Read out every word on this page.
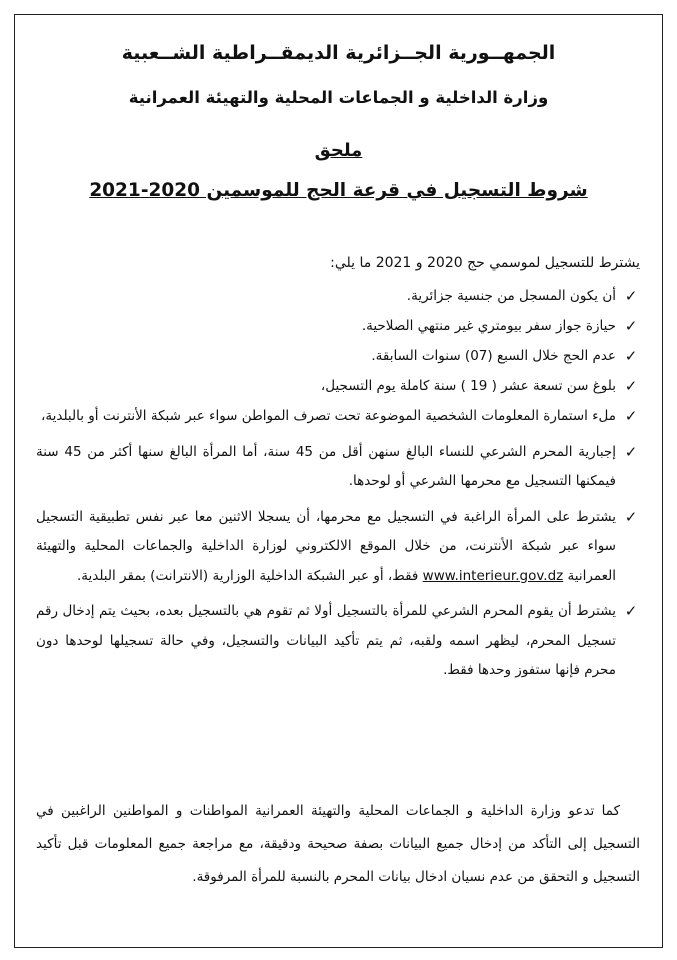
الجمهــورية الجــزائرية الديمقــراطية الشــعبية
وزارة الداخلية و الجماعات المحلية والتهيئة العمرانية
ملحق
شروط التسجيل في قرعة الحج للموسمين 2020-2021
يشترط للتسجيل لموسمي حج 2020 و 2021 ما يلي:
✓
أن يكون المسجل من جنسية جزائرية.
✓
حيازة جواز سفر بيومتري غير منتهي الصلاحية.
✓
عدم الحج خلال السبع (07) سنوات السابقة.
✓
بلوغ سن تسعة عشر ( 19 ) سنة كاملة يوم التسجيل،
✓
ملء استمارة المعلومات الشخصية الموضوعة تحت تصرف المواطن سواء عبر شبكة الأنترنت أو بالبلدية،
✓
إجبارية المحرم الشرعي للنساء البالغ سنهن أقل من 45 سنة، أما المرأة البالغ سنها أكثر من 45 سنة فيمكنها التسجيل مع محرمها الشرعي أو لوحدها.
✓
يشترط على المرأة الراغبة في التسجيل مع محرمها، أن يسجلا الاثنين معا عبر نفس تطبيقية التسجيل سواء عبر شبكة الأنترنت، من خلال الموقع الالكتروني لوزارة الداخلية والجماعات المحلية والتهيئة العمرانية www.interieur.gov.dz فقط، أو عبر الشبكة الداخلية الوزارية (الانترانت) بمقر البلدية.
✓
يشترط أن يقوم المحرم الشرعي للمرأة بالتسجيل أولا ثم تقوم هي بالتسجيل بعده، بحيث يتم إدخال رقم تسجيل المحرم، ليظهر اسمه ولقبه، ثم يتم تأكيد البيانات والتسجيل، وفي حالة تسجيلها لوحدها دون محرم فإنها ستفوز وحدها فقط.
كما تدعو وزارة الداخلية و الجماعات المحلية والتهيئة العمرانية المواطنات و المواطنين الراغبين في التسجيل إلى التأكد من إدخال جميع البيانات بصفة صحيحة ودقيقة، مع مراجعة جميع المعلومات قبل تأكيد التسجيل و التحقق من عدم نسيان ادخال بيانات المحرم بالنسبة للمرأة المرفوقة.
